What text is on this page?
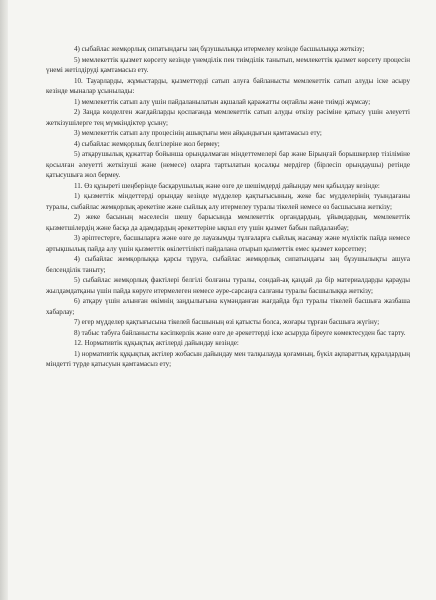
4) сыбайлас жемқорлық сипатындағы заң бұзушылыққа итермелеу кезінде басшылыққа жеткізу;

5) мемлекеттік қызмет көрсету кезінде үнемділік пен тиімділік танытып, мемлекеттік қызмет көрсету процесін үнемі жетілдіруді қамтамасыз ету.

10. Тауарларды, жұмыстарды, қызметтерді сатып алуға байланысты мемлекеттік сатып алуды іске асыру кезінде мыналар ұсынылады:

1) мемлекеттік сатып алу үшін пайдаланылатын ақшалай қаражатты оңтайлы және тиімді жұмсау;

2) Заңда көзделген жағдайларды қоспағанда мемлекеттік сатып алуды өткізу рәсіміне қатысу үшін әлеуетті жеткізушілерге тең мүмкіндіктер ұсыну;

3) мемлекеттік сатып алу процесінің ашықтығы мен айқындығын қамтамасыз ету;

4) сыбайлас жемқорлық белгілеріне жол бермеу;

5) атқарушылық құжаттар бойынша орындалмаған міндеттемелері бар және Бірыңғай борышкерлер тізіліміне қосылған әлеуетті жеткізуші және (немесе) оларға тартылатын қосалқы мердігер (бірлесіп орындаушы) ретінде қатысушыға жол бермеу.

11. Өз құзыреті шеңберінде басқарушылық және өзге де шешімдерді дайындау мен қабылдау кезінде:

1) қызметтік міндеттерді орындау кезінде мүдделер қақтығысының, жеке бас мүдделерінің туындағаны туралы, сыбайлас жемқорлық әрекетіне және сыйлық алу итермелеу туралы тікелей немесе өз басшысына жеткізу;

2) жеке басының мәселесін шешу барысында мемлекеттік органдардың, ұйымдардың, мемлекеттік қызметшілердің және басқа да адамдардың әрекеттеріне ықпал ету үшін қызмет бабын пайдаланбау;

3) әріптестерге, басшыларға және өзге де лауазымды тұлғаларға сыйлық жасамау және мүліктік пайда немесе артықшылық пайда алу үшін қызметтік өкілеттілікті пайдалана отырып қызметтік емес қызмет көрсетпеу;

4) сыбайлас жемқорлыққа қарсы тұруға, сыбайлас жемқорлық сипатындағы заң бұзушылықты ашуға белсенділік таныту;

5) сыбайлас жемқорлық фактілері белгілі болғаны туралы, сондай-ақ қандай да бір материалдарды қарауды жылдамдатқаны үшін пайда көруге итермелеген немесе әуре-сарсаңға салғаны туралы басшылыққа жеткізу;

6) атқару үшін алынған өкімнің заңдылығына күмәнданған жағдайда бұл туралы тікелей басшыға жазбаша хабарлау;

7) егер мүдделер қақтығысына тікелей басшының өзі қатысты болса, жоғары тұрған басшыға жүгіну;

8) табыс табуға байланысты кәсіпкерлік және өзге де әрекеттерді іске асыруда біреуге көмектесуден бас тарту.

12. Нормативтік құқықтық актілерді дайындау кезінде:

1) нормативтік құқықтық актілер жобасын дайындау мен талқылауда қоғамның, бүкіл ақпараттық құралдардың міндетті түрде қатысуын қамтамасыз ету;
